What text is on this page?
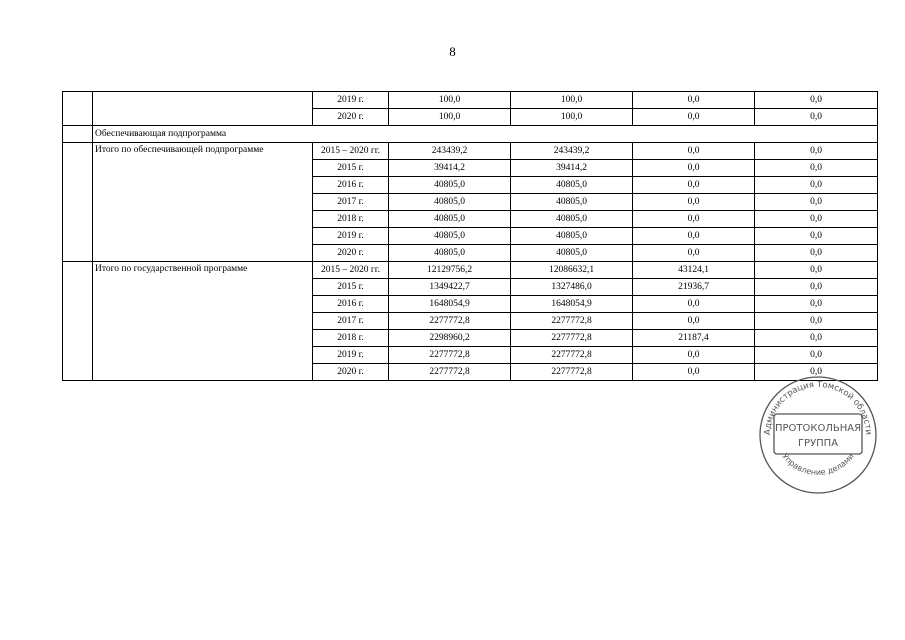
8
		2019 г.	100,0	100,0	0,0	0,0
		2020 г.	100,0	100,0	0,0	0,0
	Обеспечивающая подпрограмма					
	Итого по обеспечивающей подпрограмме	2015 – 2020 гг.	243439,2	243439,2	0,0	0,0
		2015 г.	39414,2	39414,2	0,0	0,0
		2016 г.	40805,0	40805,0	0,0	0,0
		2017 г.	40805,0	40805,0	0,0	0,0
		2018 г.	40805,0	40805,0	0,0	0,0
		2019 г.	40805,0	40805,0	0,0	0,0
		2020 г.	40805,0	40805,0	0,0	0,0
	Итого по государственной программе	2015 – 2020 гг.	12129756,2	12086632,1	43124,1	0,0
		2015 г.	1349422,7	1327486,0	21936,7	0,0
		2016 г.	1648054,9	1648054,9	0,0	0,0
		2017 г.	2277772,8	2277772,8	0,0	0,0
		2018 г.	2298960,2	2277772,8	21187,4	0,0
		2019 г.	2277772,8	2277772,8	0,0	0,0
		2020 г.	2277772,8	2277772,8	0,0	0,0
Администрация Томской области
Управление делами
ПРОТОКОЛЬНАЯ
ГРУППА
